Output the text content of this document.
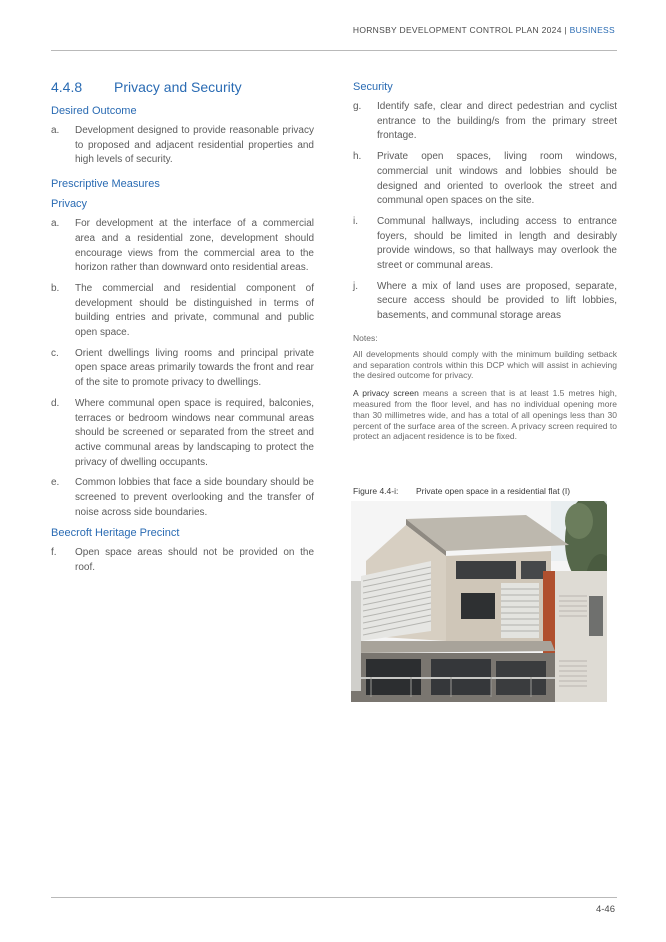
HORNSBY DEVELOPMENT CONTROL PLAN 2024 | BUSINESS
4.4.8	Privacy and Security
Desired Outcome
a.	Development designed to provide reasonable privacy to proposed and adjacent residential properties and high levels of security.
Prescriptive Measures
Privacy
a.	For development at the interface of a commercial area and a residential zone, development should encourage views from the commercial area to the horizon rather than downward onto residential areas.
b.	The commercial and residential component of development should be distinguished in terms of building entries and private, communal and public open space.
c.	Orient dwellings living rooms and principal private open space areas primarily towards the front and rear of the site to promote privacy to dwellings.
d.	Where communal open space is required, balconies, terraces or bedroom windows near communal areas should be screened or separated from the street and active communal areas by landscaping to protect the privacy of dwelling occupants.
e.	Common lobbies that face a side boundary should be screened to prevent overlooking and the transfer of noise across side boundaries.
Beecroft Heritage Precinct
f.	Open space areas should not be provided on the roof.
Security
g.	Identify safe, clear and direct pedestrian and cyclist entrance to the building/s from the primary street frontage.
h.	Private open spaces, living room windows, commercial unit windows and lobbies should be designed and oriented to overlook the street and communal open spaces on the site.
i.	Communal hallways, including access to entrance foyers, should be limited in length and desirably provide windows, so that hallways may overlook the street or communal areas.
j.	Where a mix of land uses are proposed, separate, secure access should be provided to lift lobbies, basements, and communal storage areas
Notes:

All developments should comply with the minimum building setback and separation controls within this DCP which will assist in achieving the desired outcome for privacy.

A privacy screen means a screen that is at least 1.5 metres high, measured from the floor level, and has no individual opening more than 30 millimetres wide, and has a total of all openings less than 30 percent of the surface area of the screen. A privacy screen required to protect an adjacent residence is to be fixed.

Figure 4.4-i: Private open space in a residential flat (I)
4-46
